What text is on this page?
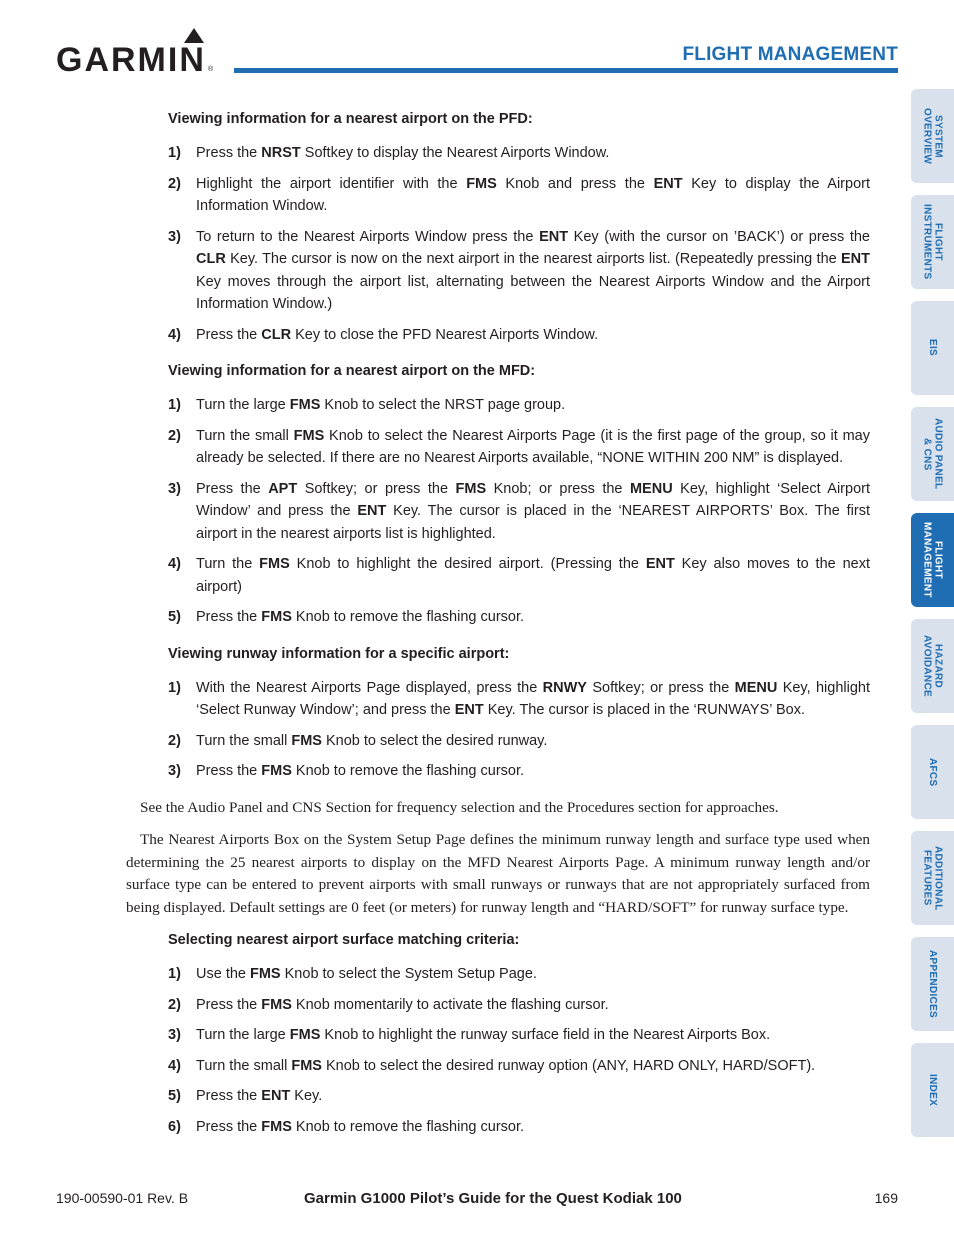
GARMIN ®
FLIGHT MANAGEMENT
Viewing information for a nearest airport on the PFD:
1)	Press the NRST Softkey to display the Nearest Airports Window.
2)	Highlight the airport identifier with the FMS Knob and press the ENT Key to display the Airport Information Window.
3)	To return to the Nearest Airports Window press the ENT Key (with the cursor on ’BACK’) or press the CLR Key. The cursor is now on the next airport in the nearest airports list. (Repeatedly pressing the ENT Key moves through the airport list, alternating between the Nearest Airports Window and the Airport Information Window.)
4)	Press the CLR Key to close the PFD Nearest Airports Window.
Viewing information for a nearest airport on the MFD:
1)	Turn the large FMS Knob to select the NRST page group.
2)	Turn the small FMS Knob to select the Nearest Airports Page (it is the first page of the group, so it may already be selected. If there are no Nearest Airports available, “NONE WITHIN 200 NM” is displayed.
3)	Press the APT Softkey; or press the FMS Knob; or press the MENU Key, highlight ‘Select Airport Window’ and press the ENT Key. The cursor is placed in the ‘NEAREST AIRPORTS’ Box. The first airport in the nearest airports list is highlighted.
4)	Turn the FMS Knob to highlight the desired airport. (Pressing the ENT Key also moves to the next airport)
5)	Press the FMS Knob to remove the flashing cursor.
Viewing runway information for a specific airport:
1)	With the Nearest Airports Page displayed, press the RNWY Softkey; or press the MENU Key, highlight ‘Select Runway Window’; and press the ENT Key. The cursor is placed in the ‘RUNWAYS’ Box.
2)	Turn the small FMS Knob to select the desired runway.
3)	Press the FMS Knob to remove the flashing cursor.

See the Audio Panel and CNS Section for frequency selection and the Procedures section for approaches.

The Nearest Airports Box on the System Setup Page defines the minimum runway length and surface type used when determining the 25 nearest airports to display on the MFD Nearest Airports Page. A minimum runway length and/or surface type can be entered to prevent airports with small runways or runways that are not appropriately surfaced from being displayed. Default settings are 0 feet (or meters) for runway length and “HARD/SOFT” for runway surface type.

Selecting nearest airport surface matching criteria:
1)	Use the FMS Knob to select the System Setup Page.
2)	Press the FMS Knob momentarily to activate the flashing cursor.
3)	Turn the large FMS Knob to highlight the runway surface field in the Nearest Airports Box.
4)	Turn the small FMS Knob to select the desired runway option (ANY, HARD ONLY, HARD/SOFT).
5)	Press the ENT Key.
6)	Press the FMS Knob to remove the flashing cursor.
SYSTEM
OVERVIEW
FLIGHT
INSTRUMENTS
EIS
AUDIO PANEL
& CNS
FLIGHT
MANAGEMENT
HAZARD
AVOIDANCE
AFCS
ADDITIONAL
FEATURES
APPENDICES
INDEX
190-00590-01 Rev. B	Garmin G1000 Pilot’s Guide for the Quest Kodiak 100	169
